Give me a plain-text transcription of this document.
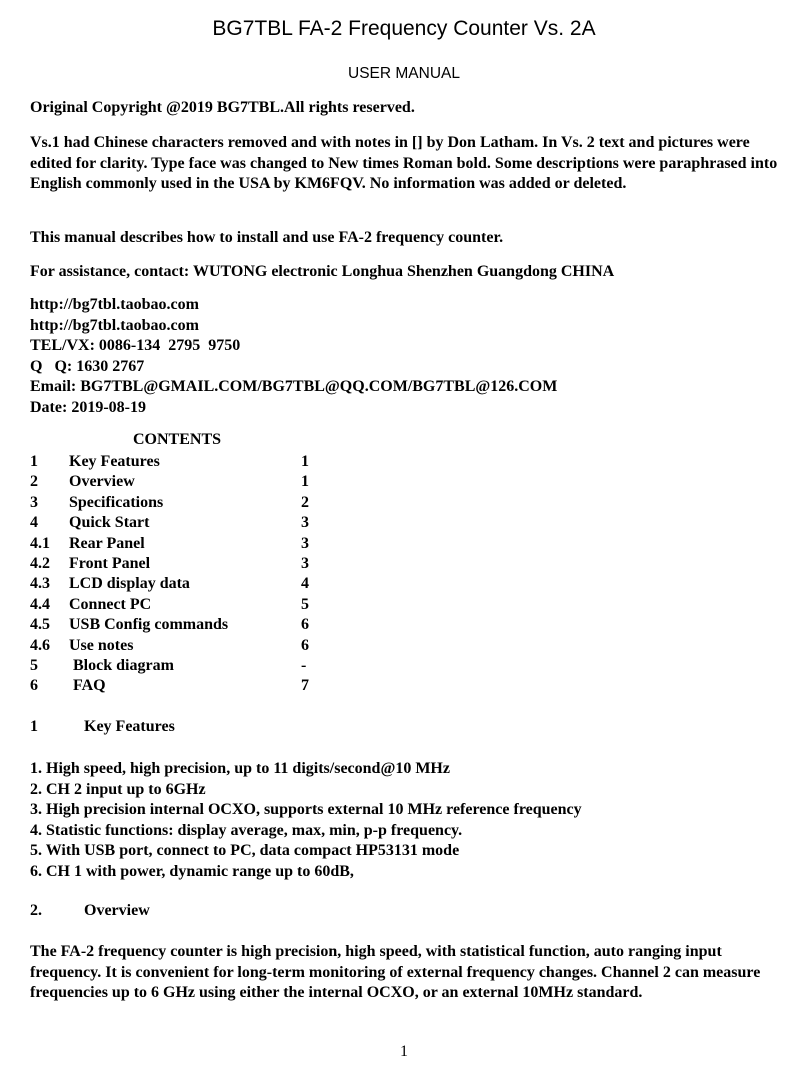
BG7TBL FA-2 Frequency Counter Vs. 2A
USER MANUAL

Original Copyright @2019 BG7TBL.All rights reserved.

Vs.1 had Chinese characters removed and with notes in [] by Don Latham. In Vs. 2 text and pictures were edited for clarity. Type face was changed to New times Roman bold. Some descriptions were paraphrased into English commonly used in the USA by KM6FQV. No information was added or deleted.

This manual describes how to install and use FA-2 frequency counter.

For assistance, contact: WUTONG electronic Longhua Shenzhen Guangdong CHINA

http://bg7tbl.taobao.com
http://bg7tbl.taobao.com
TEL/VX: 0086-134  2795  9750
Q   Q: 1630 2767
Email: BG7TBL@GMAIL.COM/BG7TBL@QQ.COM/BG7TBL@126.COM
Date: 2019-08-19
CONTENTS
1 Key Features	1
2 Overview	1
3 Specifications	2
4 Quick Start	3
4.1 Rear Panel	3
4.2 Front Panel	3
4.3 LCD display data	4
4.4 Connect PC	5
4.5 USB Config commands	6
4.6 Use notes	6
5 Block diagram	-
6 FAQ	7
1	Key Features
1. High speed, high precision, up to 11 digits/second@10 MHz
2. CH 2 input up to 6GHz
3. High precision internal OCXO, supports external 10 MHz reference frequency
4. Statistic functions: display average, max, min, p-p frequency.
5. With USB port, connect to PC, data compact HP53131 mode
6. CH 1 with power, dynamic range up to 60dB,
2.	Overview

The FA-2 frequency counter is high precision, high speed, with statistical function, auto ranging input frequency. It is convenient for long-term monitoring of external frequency changes. Channel 2 can measure frequencies up to 6 GHz using either the internal OCXO, or an external 10MHz standard.

1
